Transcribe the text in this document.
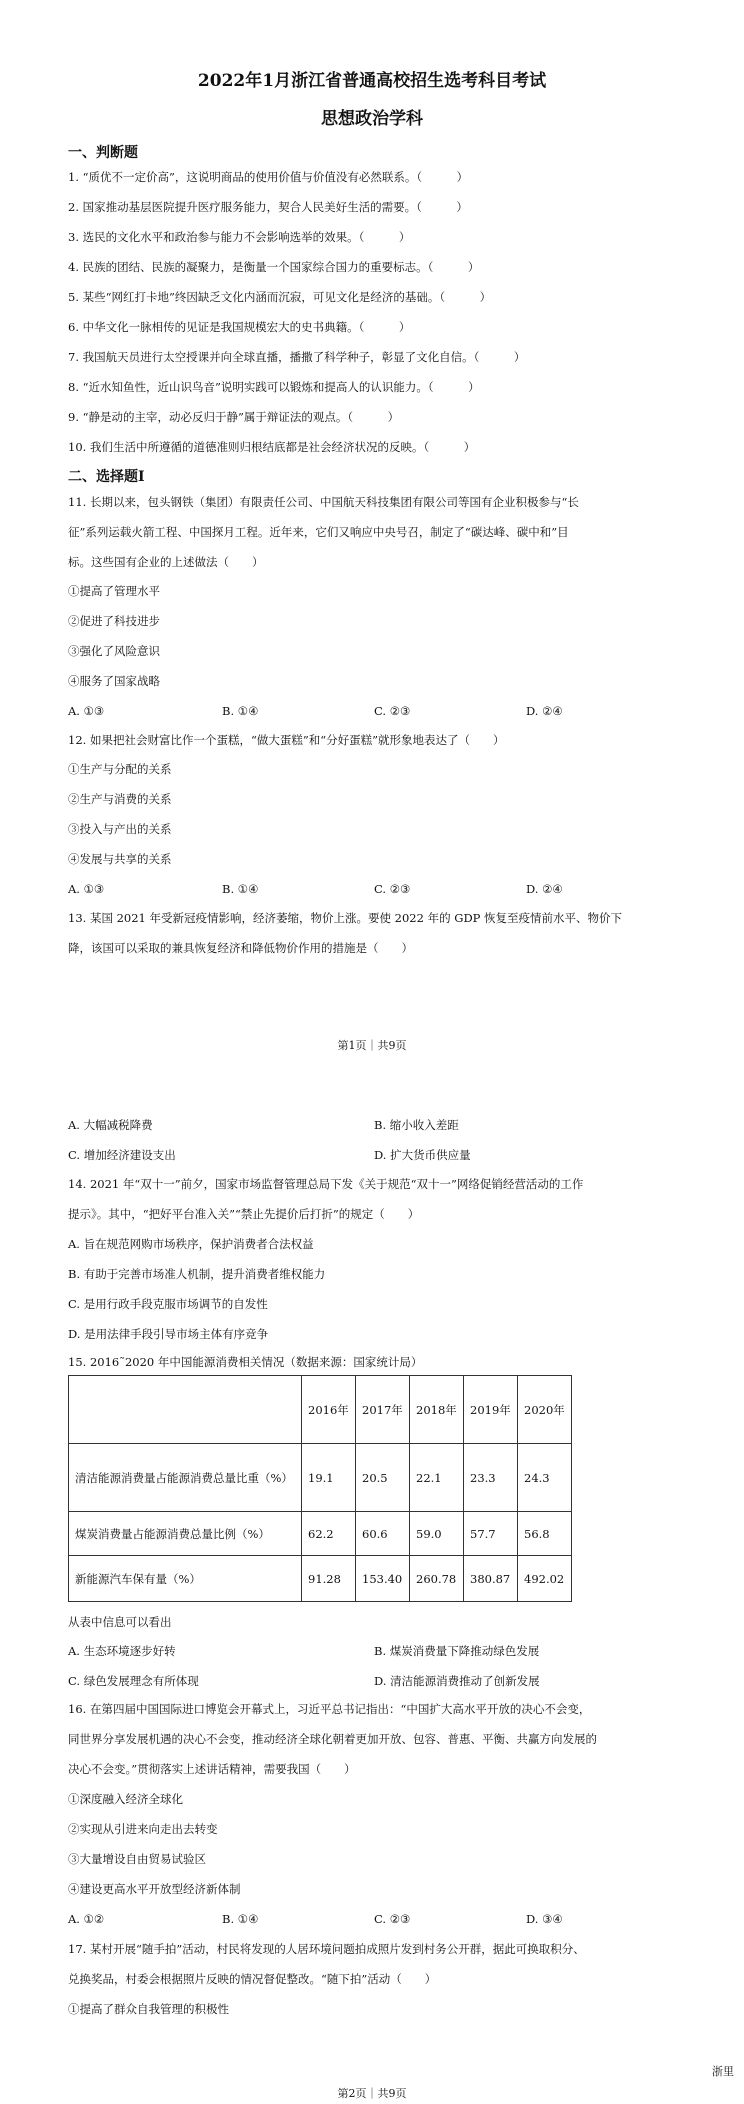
2022年1月浙江省普通高校招生选考科目考试
思想政治学科
一、判断题
1. “质优不一定价高”，这说明商品的使用价值与价值没有必然联系。（　　　）
2. 国家推动基层医院提升医疗服务能力，契合人民美好生活的需要。（　　　）
3. 选民的文化水平和政治参与能力不会影响选举的效果。（　　　）
4. 民族的团结、民族的凝聚力，是衡量一个国家综合国力的重要标志。（　　　）
5. 某些“网红打卡地”终因缺乏文化内涵而沉寂，可见文化是经济的基础。（　　　）
6. 中华文化一脉相传的见证是我国规模宏大的史书典籍。（　　　）
7. 我国航天员进行太空授课并向全球直播，播撒了科学种子，彰显了文化自信。（　　　）
8. “近水知鱼性，近山识鸟音”说明实践可以锻炼和提高人的认识能力。（　　　）
9. “静是动的主宰，动必反归于静”属于辩证法的观点。（　　　）
10. 我们生活中所遵循的道德准则归根结底都是社会经济状况的反映。（　　　）
二、选择题Ⅰ
11. 长期以来，包头钢铁（集团）有限责任公司、中国航天科技集团有限公司等国有企业积极参与“长
征”系列运载火箭工程、中国探月工程。近年来，它们又响应中央号召，制定了“碳达峰、碳中和”目
标。这些国有企业的上述做法（　　）
①提高了管理水平
②促进了科技进步
③强化了风险意识
④服务了国家战略
A. ①③	B. ①④	C. ②③	D. ②④
12. 如果把社会财富比作一个蛋糕，“做大蛋糕”和“分好蛋糕”就形象地表达了（　　）
①生产与分配的关系
②生产与消费的关系
③投入与产出的关系
④发展与共享的关系
A. ①③	B. ①④	C. ②③	D. ②④
13. 某国 2021 年受新冠疫情影响，经济萎缩，物价上涨。要使 2022 年的 GDP 恢复至疫情前水平、物价下
降，该国可以采取的兼具恢复经济和降低物价作用的措施是（　　）
第1页｜共9页
A. 大幅减税降费	B. 缩小收入差距
C. 增加经济建设支出	D. 扩大货币供应量
14. 2021 年“双十一”前夕，国家市场监督管理总局下发《关于规范“双十一”网络促销经营活动的工作
提示》。其中，“把好平台准入关”“禁止先提价后打折”的规定（　　）
A. 旨在规范网购市场秩序，保护消费者合法权益
B. 有助于完善市场准人机制，提升消费者维权能力
C. 是用行政手段克服市场调节的自发性
D. 是用法律手段引导市场主体有序竞争
15. 2016˜2020 年中国能源消费相关情况（数据来源：国家统计局）
	2016年	2017年	2018年	2019年	2020年
清洁能源消费量占能源消费总量比重（%）	19.1	20.5	22.1	23.3	24.3
煤炭消费量占能源消费总量比例（%）	62.2	60.6	59.0	57.7	56.8
新能源汽车保有量（%）	91.28	153.40	260.78	380.87	492.02
从表中信息可以看出
A. 生态环境逐步好转	B. 煤炭消费量下降推动绿色发展
C. 绿色发展理念有所体现	D. 清洁能源消费推动了创新发展
16. 在第四届中国国际进口博览会开幕式上，习近平总书记指出：“中国扩大高水平开放的决心不会变，
同世界分享发展机遇的决心不会变，推动经济全球化朝着更加开放、包容、普惠、平衡、共赢方向发展的
决心不会变。”贯彻落实上述讲话精神，需要我国（　　）
①深度融入经济全球化
②实现从引进来向走出去转变
③大量增设自由贸易试验区
④建设更高水平开放型经济新体制
A. ①②	B. ①④	C. ②③	D. ③④
17. 某村开展“随手拍”活动，村民将发现的人居环境问题拍成照片发到村务公开群，据此可换取积分、
兑换奖品，村委会根据照片反映的情况督促整改。“随下拍”活动（　　）
①提高了群众自我管理的积极性
浙里
第2页｜共9页
